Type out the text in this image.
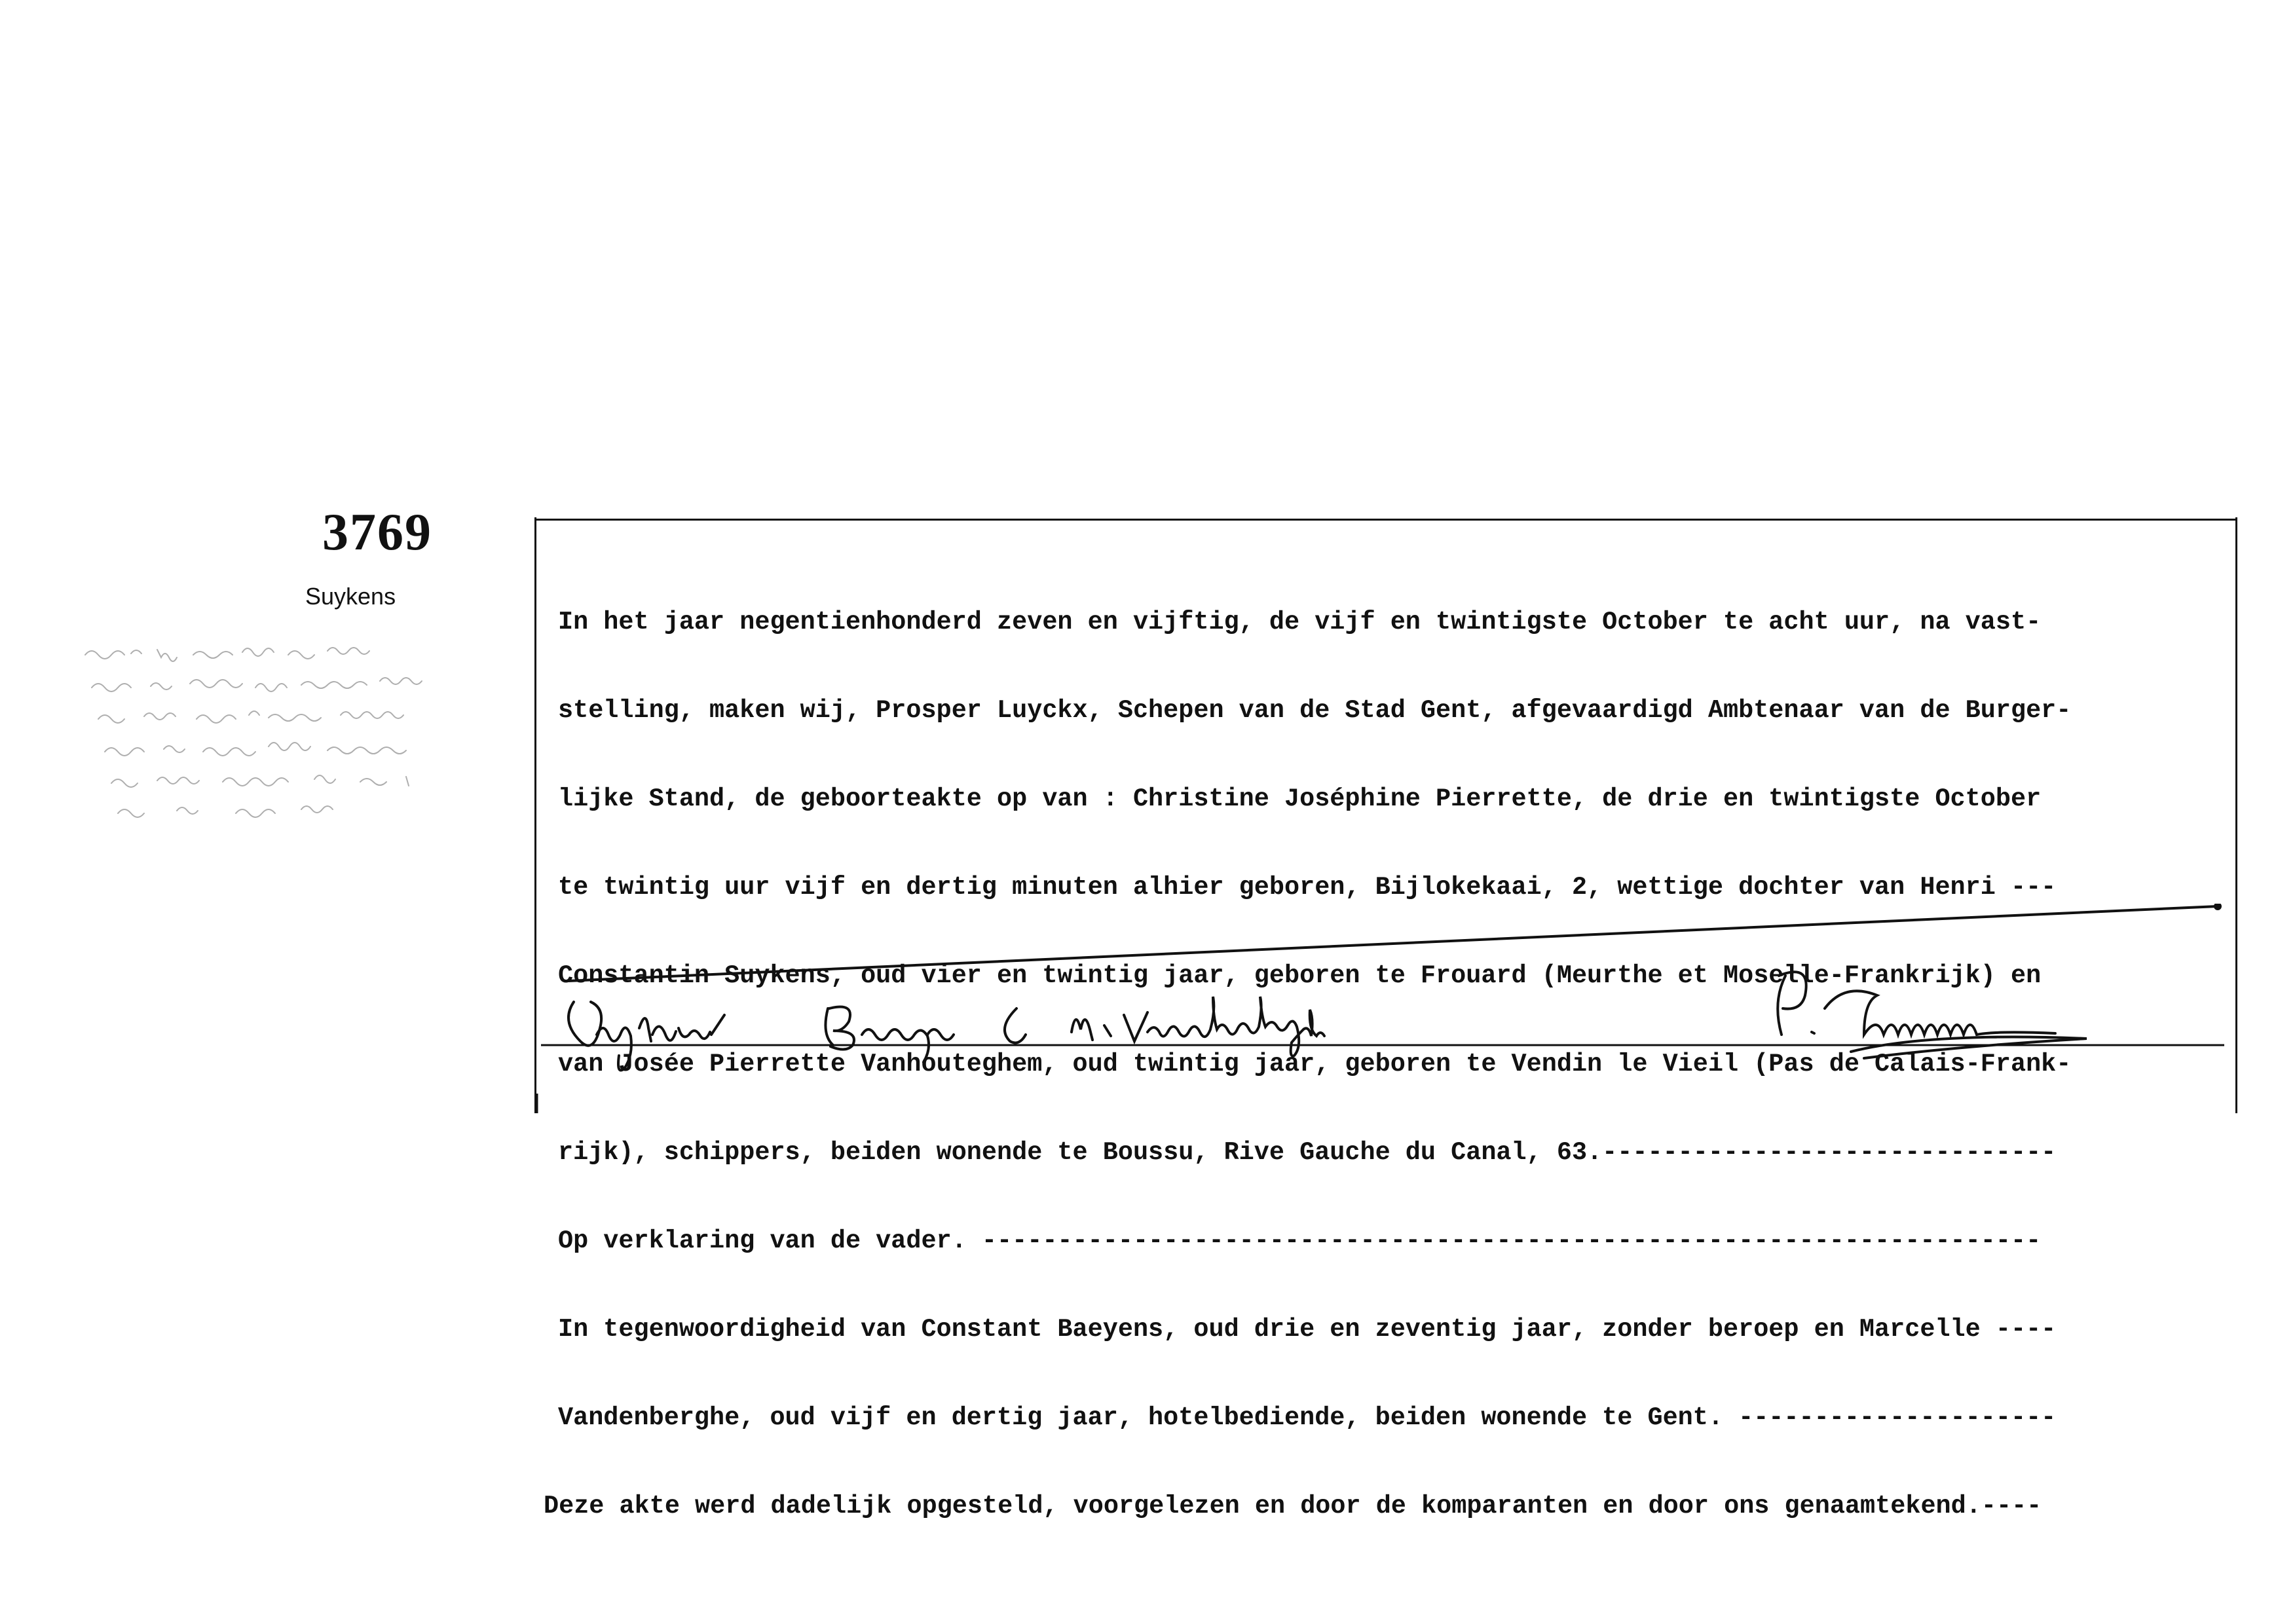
3769
Suykens

In het jaar negentienhonderd zeven en vijftig, de vijf en twintigste October te acht uur, na vast-

stelling, maken wij, Prosper Luyckx, Schepen van de Stad Gent, afgevaardigd Ambtenaar van de Burger-

lijke Stand, de geboorteakte op van : Christine Joséphine Pierrette, de drie en twintigste October

te twintig uur vijf en dertig minuten alhier geboren, Bijlokekaai, 2, wettige dochter van Henri ---

Constantin Suykens, oud vier en twintig jaar, geboren te Frouard (Meurthe et Moselle-Frankrijk) en

van Josée Pierrette Vanhouteghem, oud twintig jaar, geboren te Vendin le Vieil (Pas de Calais-Frank-

rijk), schippers, beiden wonende te Boussu, Rive Gauche du Canal, 63.------------------------------

Op verklaring van de vader. ----------------------------------------------------------------------

In tegenwoordigheid van Constant Baeyens, oud drie en zeventig jaar, zonder beroep en Marcelle ----

Vandenberghe, oud vijf en dertig jaar, hotelbediende, beiden wonende te Gent. ---------------------

Deze akte werd dadelijk opgesteld, voorgelezen en door de komparanten en door ons genaamtekend.----
